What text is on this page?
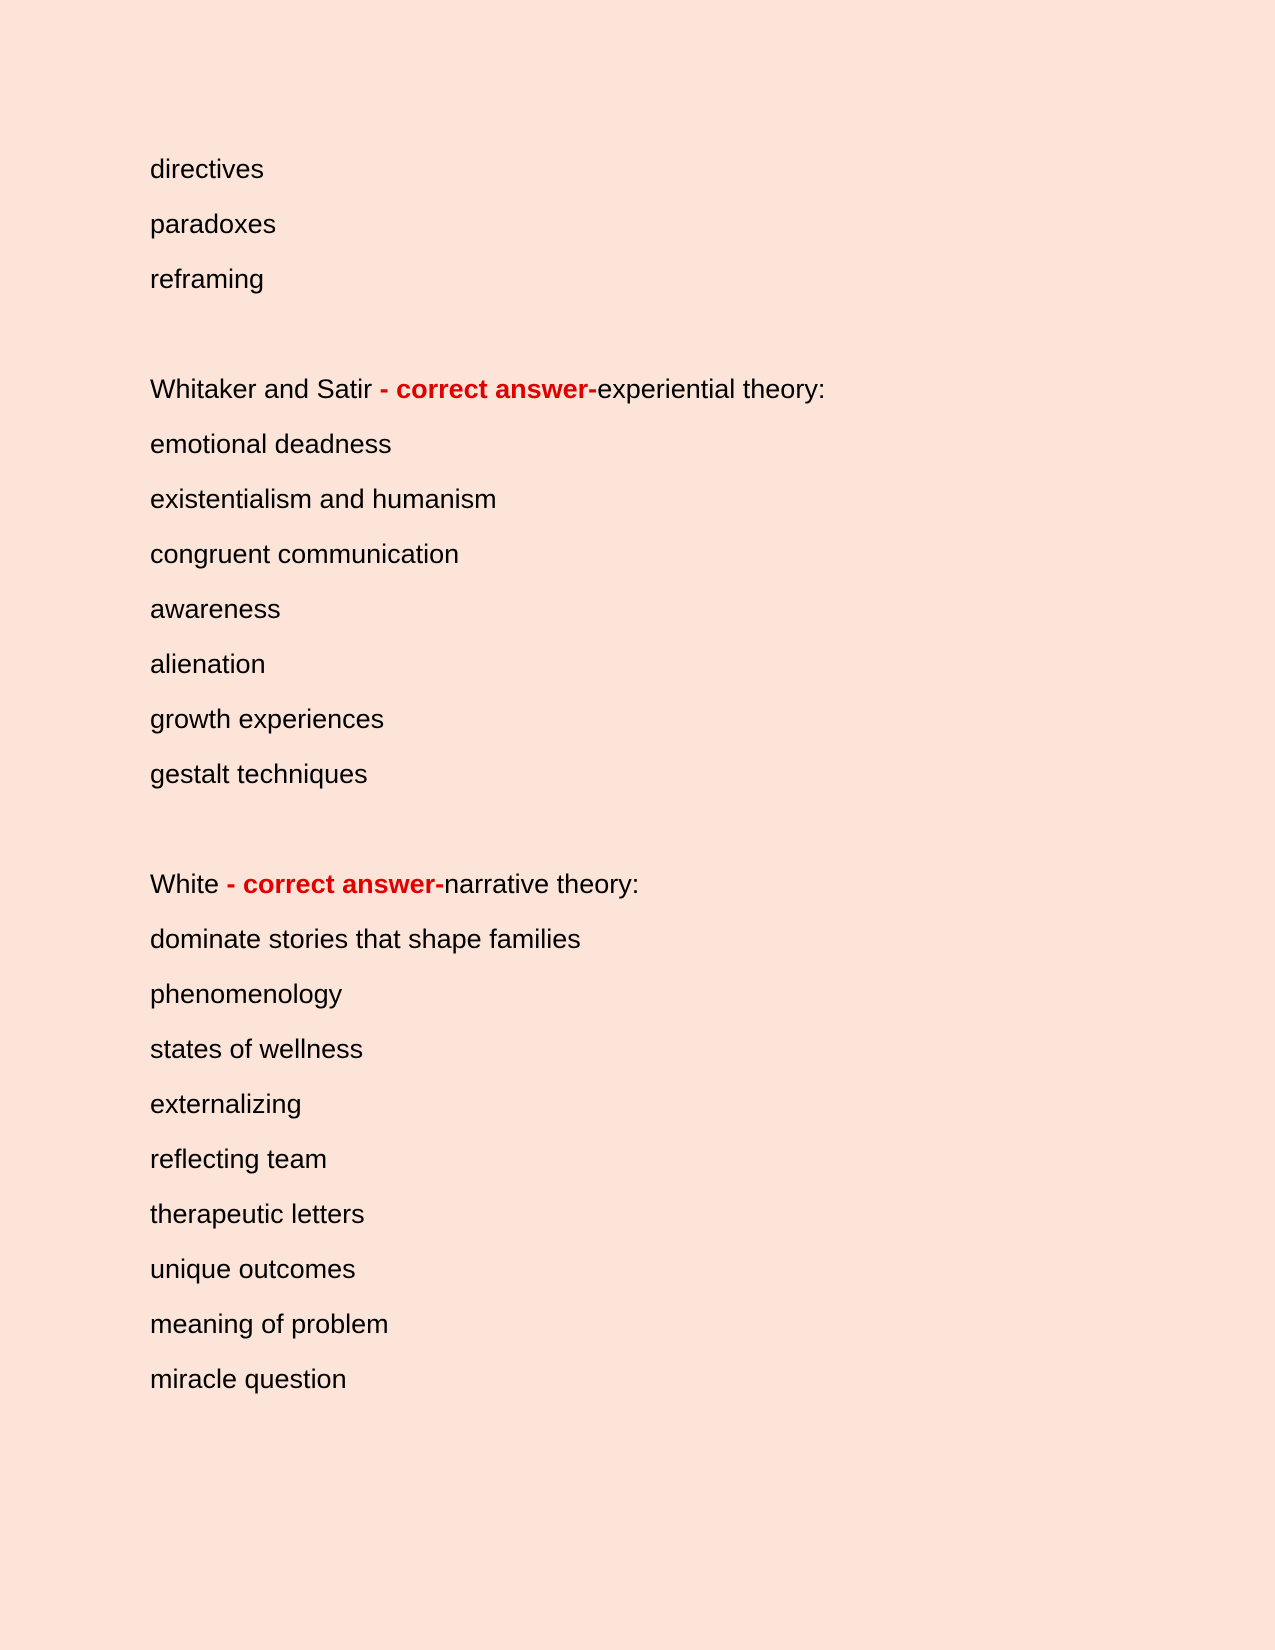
directives
paradoxes
reframing
Whitaker and Satir - correct answer-experiential theory:
emotional deadness
existentialism and humanism
congruent communication
awareness
alienation
growth experiences
gestalt techniques
White - correct answer-narrative theory:
dominate stories that shape families
phenomenology
states of wellness
externalizing
reflecting team
therapeutic letters
unique outcomes
meaning of problem
miracle question
